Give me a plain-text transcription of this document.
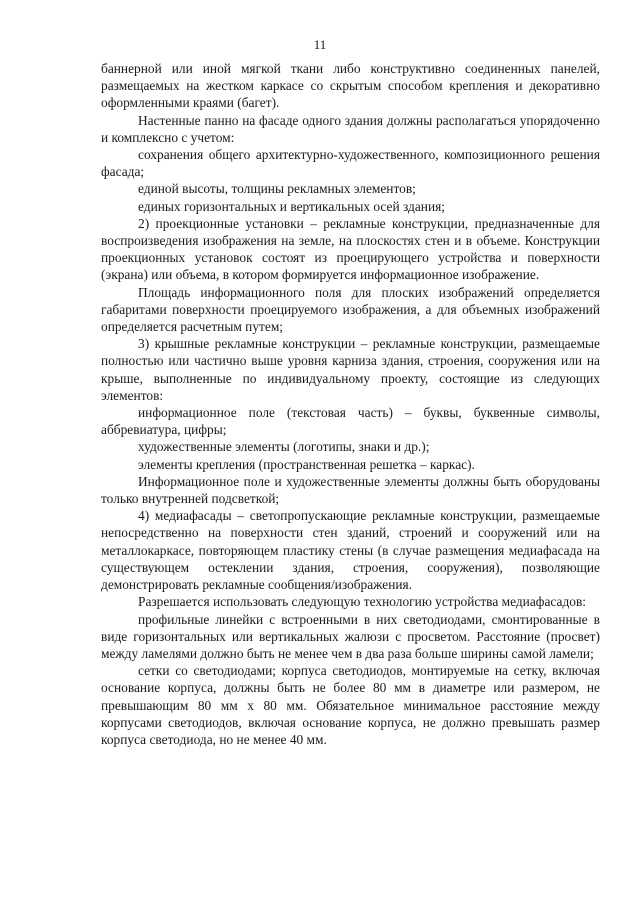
11

баннерной или иной мягкой ткани либо конструктивно соединенных панелей, размещаемых на жестком каркасе со скрытым способом крепления и декоративно оформленными краями (багет).

Настенные панно на фасаде одного здания должны располагаться упорядоченно и комплексно с учетом:

сохранения общего архитектурно-художественного, композиционного решения фасада;

единой высоты, толщины рекламных элементов;

единых горизонтальных и вертикальных осей здания;

2) проекционные установки – рекламные конструкции, предназначенные для воспроизведения изображения на земле, на плоскостях стен и в объеме. Конструкции проекционных установок состоят из проецирующего устройства и поверхности (экрана) или объема, в котором формируется информационное изображение.

Площадь информационного поля для плоских изображений определяется габаритами поверхности проецируемого изображения, а для объемных изображений определяется расчетным путем;

3) крышные рекламные конструкции – рекламные конструкции, размещаемые полностью или частично выше уровня карниза здания, строения, сооружения или на крыше, выполненные по индивидуальному проекту, состоящие из следующих элементов:

информационное поле (текстовая часть) – буквы, буквенные символы, аббревиатура, цифры;

художественные элементы (логотипы, знаки и др.);

элементы крепления (пространственная решетка – каркас).

Информационное поле и художественные элементы должны быть оборудованы только внутренней подсветкой;

4) медиафасады – светопропускающие рекламные конструкции, размещаемые непосредственно на поверхности стен зданий, строений и сооружений или на металлокаркасе, повторяющем пластику стены (в случае размещения медиафасада на существующем остеклении здания, строения, сооружения), позволяющие демонстрировать рекламные сообщения/изображения.

Разрешается использовать следующую технологию устройства медиафасадов:

профильные линейки с встроенными в них светодиодами, смонтированные в виде горизонтальных или вертикальных жалюзи с просветом. Расстояние (просвет) между ламелями должно быть не менее чем в два раза больше ширины самой ламели;

сетки со светодиодами; корпуса светодиодов, монтируемые на сетку, включая основание корпуса, должны быть не более 80 мм в диаметре или размером, не превышающим 80 мм х 80 мм. Обязательное минимальное расстояние между корпусами светодиодов, включая основание корпуса, не должно превышать размер корпуса светодиода, но не менее 40 мм.
